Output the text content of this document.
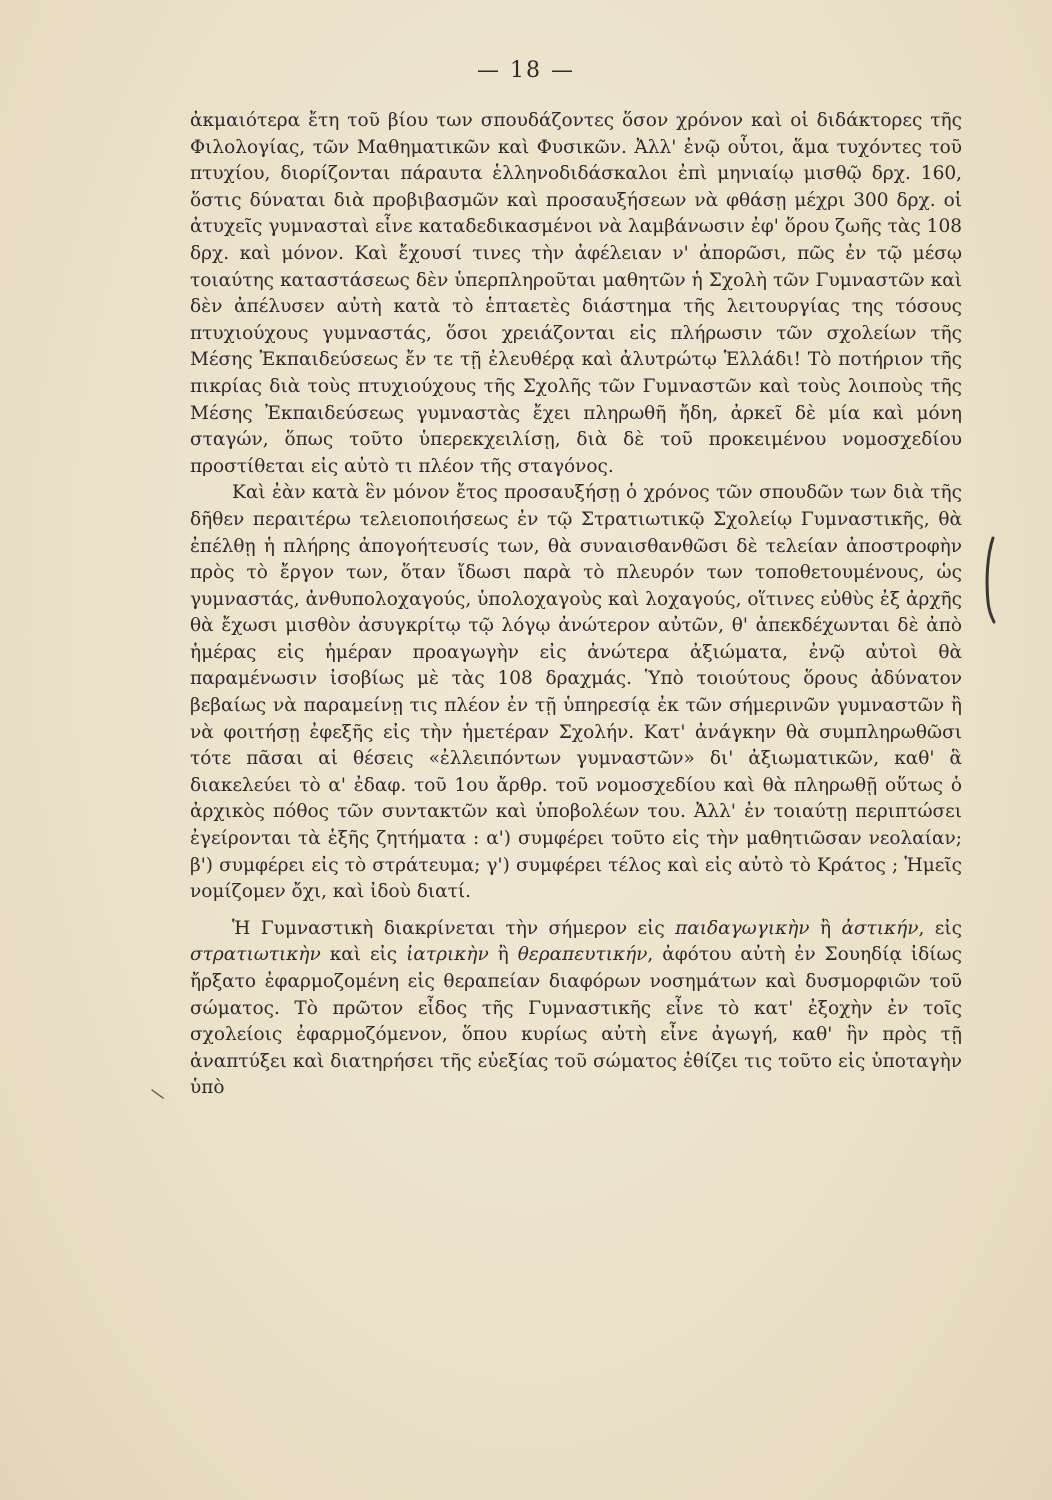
— 18 —

ἀκμαιότερα ἔτη τοῦ βίου των σπουδάζοντες ὅσον χρόνον καὶ οἱ διδάκτορες τῆς Φιλολογίας, τῶν Μαθηματικῶν καὶ Φυσικῶν. Ἀλλ' ἐνῷ οὗτοι, ἅμα τυχόντες τοῦ πτυχίου, διορίζονται πάραυτα ἑλληνοδιδάσκαλοι ἐπὶ μηνιαίῳ μισθῷ δρχ. 160, ὅστις δύναται διὰ προβιβασμῶν καὶ προσαυξήσεων νὰ φθάσῃ μέχρι 300 δρχ. οἱ ἀτυχεῖς γυμνασταὶ εἶνε καταδεδικασμένοι νὰ λαμβάνωσιν ἐφ' ὅρου ζωῆς τὰς 108 δρχ. καὶ μόνον. Καὶ ἔχουσί τινες τὴν ἀφέλειαν ν' ἀπορῶσι, πῶς ἐν τῷ μέσῳ τοιαύτης καταστάσεως δὲν ὑπερπληροῦται μαθητῶν ἡ Σχολὴ τῶν Γυμναστῶν καὶ δὲν ἀπέλυσεν αὐτὴ κατὰ τὸ ἑπταετὲς διάστημα τῆς λειτουργίας της τόσους πτυχιούχους γυμναστάς, ὅσοι χρειάζονται εἰς πλήρωσιν τῶν σχολείων τῆς Μέσης Ἐκπαιδεύσεως ἔν τε τῇ ἐλευθέρᾳ καὶ ἀλυτρώτῳ Ἑλλάδι! Τὸ ποτήριον τῆς πικρίας διὰ τοὺς πτυχιούχους τῆς Σχολῆς τῶν Γυμναστῶν καὶ τοὺς λοιποὺς τῆς Μέσης Ἐκπαιδεύσεως γυμναστὰς ἔχει πληρωθῆ ἤδη, ἀρκεῖ δὲ μία καὶ μόνη σταγών, ὅπως τοῦτο ὑπερεκχειλίσῃ, διὰ δὲ τοῦ προκειμένου νομοσχεδίου προστίθεται εἰς αὐτὸ τι πλέον τῆς σταγόνος.

Καὶ ἐὰν κατὰ ἓν μόνον ἔτος προσαυξήσῃ ὁ χρόνος τῶν σπουδῶν των διὰ τῆς δῆθεν περαιτέρω τελειοποιήσεως ἐν τῷ Στρατιωτικῷ Σχολείῳ Γυμναστικῆς, θὰ ἐπέλθῃ ἡ πλήρης ἀπογοήτευσίς των, θὰ συναισθανθῶσι δὲ τελείαν ἀποστροφὴν πρὸς τὸ ἔργον των, ὅταν ἴδωσι παρὰ τὸ πλευρόν των τοποθετουμένους, ὡς γυμναστάς, ἀνθυπολοχαγούς, ὑπολοχαγοὺς καὶ λοχαγούς, οἵτινες εὐθὺς ἐξ ἀρχῆς θὰ ἔχωσι μισθὸν ἀσυγκρίτῳ τῷ λόγῳ ἀνώτερον αὐτῶν, θ' ἀπεκδέχωνται δὲ ἀπὸ ἡμέρας εἰς ἡμέραν προαγωγὴν εἰς ἀνώτερα ἀξιώματα, ἐνῷ αὐτοὶ θὰ παραμένωσιν ἰσοβίως μὲ τὰς 108 δραχμάς. Ὑπὸ τοιούτους ὅρους ἀδύνατον βεβαίως νὰ παραμείνῃ τις πλέον ἐν τῇ ὑπηρεσίᾳ ἐκ τῶν σήμερινῶν γυμναστῶν ἢ νὰ φοιτήσῃ ἐφεξῆς εἰς τὴν ἡμετέραν Σχολήν. Κατ' ἀνάγκην θὰ συμπληρωθῶσι τότε πᾶσαι αἱ θέσεις «ἐλλειπόντων γυμναστῶν» δι' ἀξιωματικῶν, καθ' ἃ διακελεύει τὸ α' ἐδαφ. τοῦ 1ου ἄρθρ. τοῦ νομοσχεδίου καὶ θὰ πληρωθῇ οὕτως ὁ ἀρχικὸς πόθος τῶν συντακτῶν καὶ ὑποβολέων του. Ἀλλ' ἐν τοιαύτῃ περιπτώσει ἐγείρονται τὰ ἑξῆς ζητήματα : α') συμφέρει τοῦτο εἰς τὴν μαθητιῶσαν νεολαίαν; β') συμφέρει εἰς τὸ στράτευμα; γ') συμφέρει τέλος καὶ εἰς αὐτὸ τὸ Κράτος ; Ἡμεῖς νομίζομεν ὄχι, καὶ ἰδοὺ διατί.

Ἡ Γυμναστικὴ διακρίνεται τὴν σήμερον εἰς παιδαγωγικὴν ἢ ἀστικήν, εἰς στρατιωτικὴν καὶ εἰς ἰατρικὴν ἢ θεραπευτικήν, ἀφότου αὐτὴ ἐν Σουηδίᾳ ἰδίως ἤρξατο ἐφαρμοζομένη εἰς θεραπείαν διαφόρων νοσημάτων καὶ δυσμορφιῶν τοῦ σώματος. Τὸ πρῶτον εἶδος τῆς Γυμναστικῆς εἶνε τὸ κατ' ἐξοχὴν ἐν τοῖς σχολείοις ἐφαρμοζόμενον, ὅπου κυρίως αὐτὴ εἶνε ἀγωγή, καθ' ἣν πρὸς τῇ ἀναπτύξει καὶ διατηρήσει τῆς εὐεξίας τοῦ σώματος ἐθίζει τις τοῦτο εἰς ὑποταγὴν ὑπὸ
